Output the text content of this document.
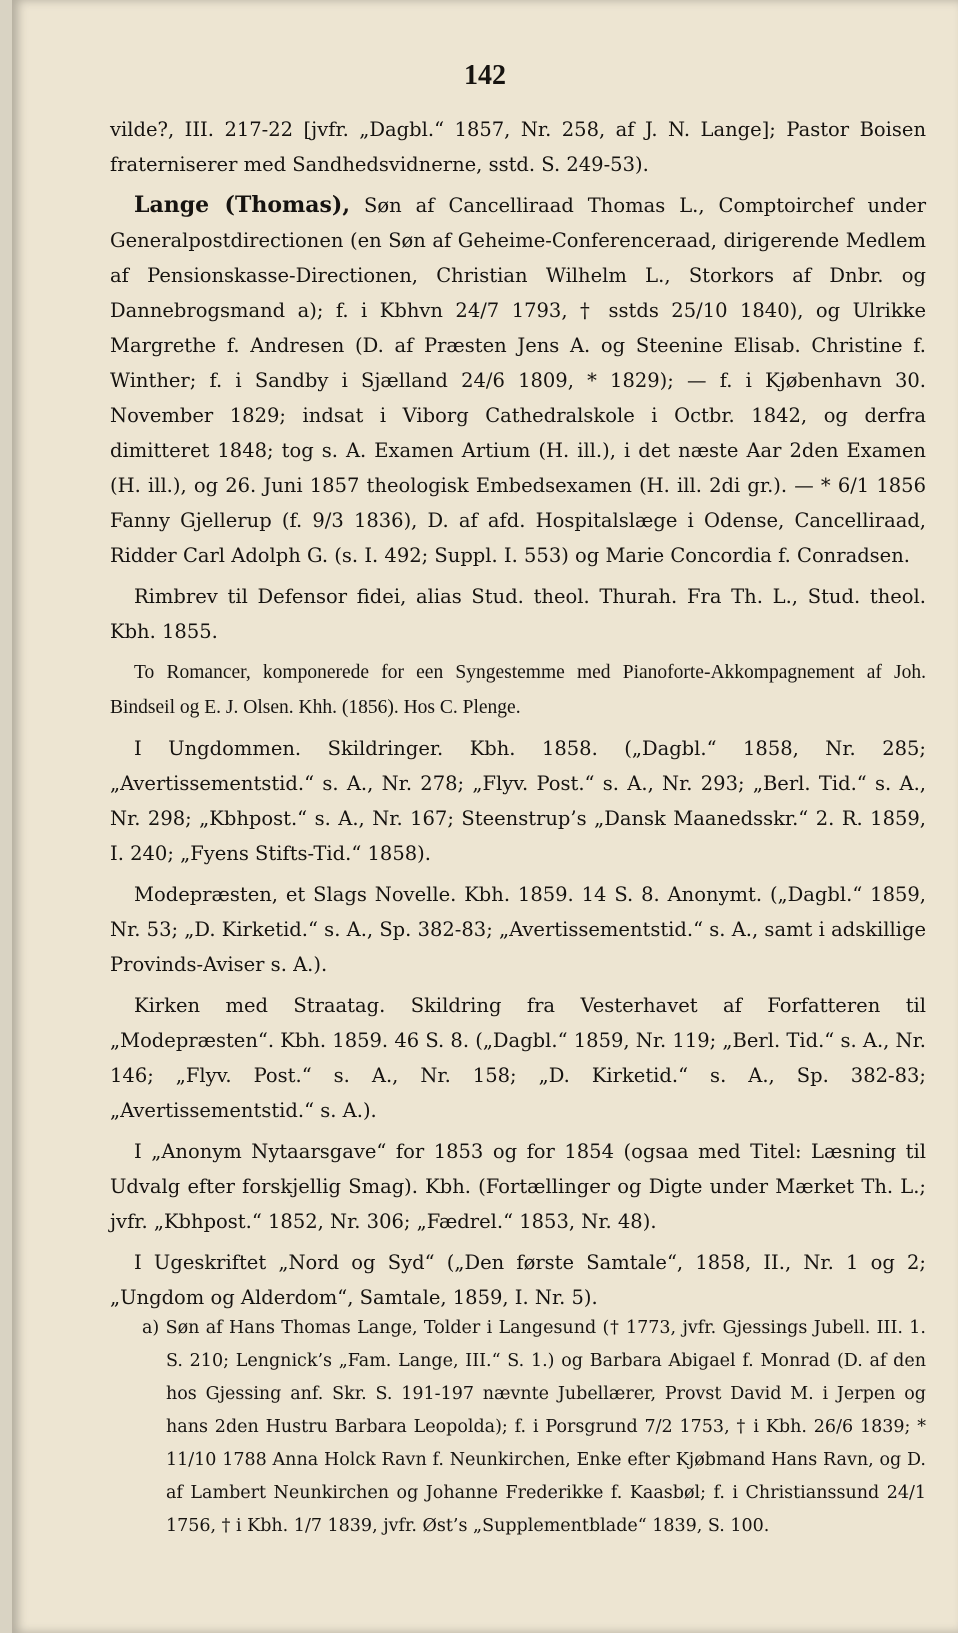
142

vilde?, III. 217-22 [jvfr. „Dagbl.“ 1857, Nr. 258, af J. N. Lange]; Pastor Boisen fraterniserer med Sandhedsvidnerne, sstd. S. 249-53).

Lange (Thomas), Søn af Cancelliraad Thomas L., Comptoirchef under Generalpostdirectionen (en Søn af Geheime-Conferenceraad, dirigerende Medlem af Pensionskasse-Directionen, Christian Wilhelm L., Storkors af Dnbr. og Dannebrogsmand a); f. i Kbhvn 24/7 1793, † sstds 25/10 1840), og Ulrikke Margrethe f. Andresen (D. af Præsten Jens A. og Steenine Elisab. Christine f. Winther; f. i Sandby i Sjælland 24/6 1809, * 1829); — f. i Kjøbenhavn 30. November 1829; indsat i Viborg Cathedralskole i Octbr. 1842, og derfra dimitteret 1848; tog s. A. Examen Artium (H. ill.), i det næste Aar 2den Examen (H. ill.), og 26. Juni 1857 theologisk Embedsexamen (H. ill. 2di gr.). — * 6/1 1856 Fanny Gjellerup (f. 9/3 1836), D. af afd. Hospitalslæge i Odense, Cancelliraad, Ridder Carl Adolph G. (s. I. 492; Suppl. I. 553) og Marie Concordia f. Conradsen.

Rimbrev til Defensor fidei, alias Stud. theol. Thurah. Fra Th. L., Stud. theol. Kbh. 1855.

To Romancer, komponerede for een Syngestemme med Pianoforte-Akkompagnement af Joh. Bindseil og E. J. Olsen. Khh. (1856). Hos C. Plenge.

I Ungdommen. Skildringer. Kbh. 1858. („Dagbl.“ 1858, Nr. 285; „Avertissementstid.“ s. A., Nr. 278; „Flyv. Post.“ s. A., Nr. 293; „Berl. Tid.“ s. A., Nr. 298; „Kbhpost.“ s. A., Nr. 167; Steenstrup’s „Dansk Maanedsskr.“ 2. R. 1859, I. 240; „Fyens Stifts-Tid.“ 1858).

Modepræsten, et Slags Novelle. Kbh. 1859. 14 S. 8. Anonymt. („Dagbl.“ 1859, Nr. 53; „D. Kirketid.“ s. A., Sp. 382-83; „Avertissementstid.“ s. A., samt i adskillige Provinds-Aviser s. A.).

Kirken med Straatag. Skildring fra Vesterhavet af Forfatteren til „Modepræsten“. Kbh. 1859. 46 S. 8. („Dagbl.“ 1859, Nr. 119; „Berl. Tid.“ s. A., Nr. 146; „Flyv. Post.“ s. A., Nr. 158; „D. Kirketid.“ s. A., Sp. 382-83; „Avertissementstid.“ s. A.).

I „Anonym Nytaarsgave“ for 1853 og for 1854 (ogsaa med Titel: Læsning til Udvalg efter forskjellig Smag). Kbh. (Fortællinger og Digte under Mærket Th. L.; jvfr. „Kbhpost.“ 1852, Nr. 306; „Fædrel.“ 1853, Nr. 48).

I Ugeskriftet „Nord og Syd“ („Den første Samtale“, 1858, II., Nr. 1 og 2; „Ungdom og Alderdom“, Samtale, 1859, I. Nr. 5).

a) Søn af Hans Thomas Lange, Tolder i Langesund († 1773, jvfr. Gjessings Jubell. III. 1. S. 210; Lengnick’s „Fam. Lange, III.“ S. 1.) og Barbara Abigael f. Monrad (D. af den hos Gjessing anf. Skr. S. 191-197 nævnte Jubellærer, Provst David M. i Jerpen og hans 2den Hustru Barbara Leopolda); f. i Porsgrund 7/2 1753, † i Kbh. 26/6 1839; * 11/10 1788 Anna Holck Ravn f. Neunkirchen, Enke efter Kjøbmand Hans Ravn, og D. af Lambert Neunkirchen og Johanne Frederikke f. Kaasbøl; f. i Christianssund 24/1 1756, † i Kbh. 1/7 1839, jvfr. Øst’s „Supplementblade“ 1839, S. 100.
